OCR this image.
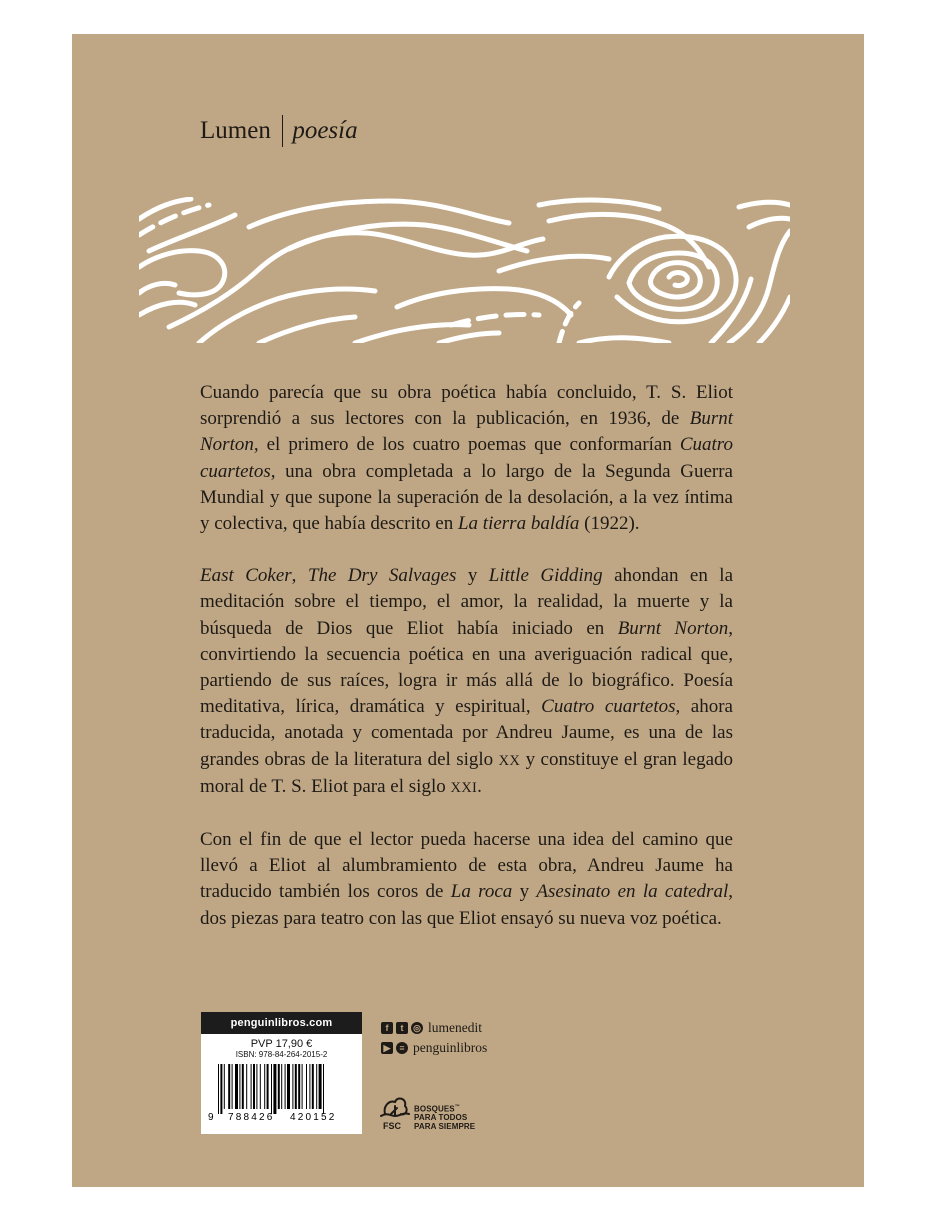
Lumen poesía

Cuando parecía que su obra poética había concluido, T. S. Eliot sorprendió a sus lectores con la publicación, en 1936, de Burnt Norton, el primero de los cuatro poemas que conformarían Cuatro cuartetos, una obra completada a lo largo de la Segunda Guerra Mundial y que supone la superación de la desolación, a la vez íntima y colectiva, que había descrito en La tierra baldía (1922).

East Coker, The Dry Salvages y Little Gidding ahondan en la meditación sobre el tiempo, el amor, la realidad, la muerte y la búsqueda de Dios que Eliot había iniciado en Burnt Norton, convirtiendo la secuencia poética en una averiguación radical que, partiendo de sus raíces, logra ir más allá de lo biográfico. Poesía meditativa, lírica, dramática y espiritual, Cuatro cuartetos, ahora traducida, anotada y comentada por Andreu Jaume, es una de las grandes obras de la literatura del siglo XX y constituye el gran legado moral de T. S. Eliot para el siglo XXI.

Con el fin de que el lector pueda hacerse una idea del camino que llevó a Eliot al alumbramiento de esta obra, Andreu Jaume ha traducido también los coros de La roca y Asesinato en la catedral, dos piezas para teatro con las que Eliot ensayó su nueva voz poética.

penguinlibros.com
PVP 17,90 €
ISBN: 978-84-264-2015-2
9 788426 420152
f	t	◎ lumenedit
▶ ≡ penguinlibros
FSC
BOSQUES™
PARA TODOS
PARA SIEMPRE
